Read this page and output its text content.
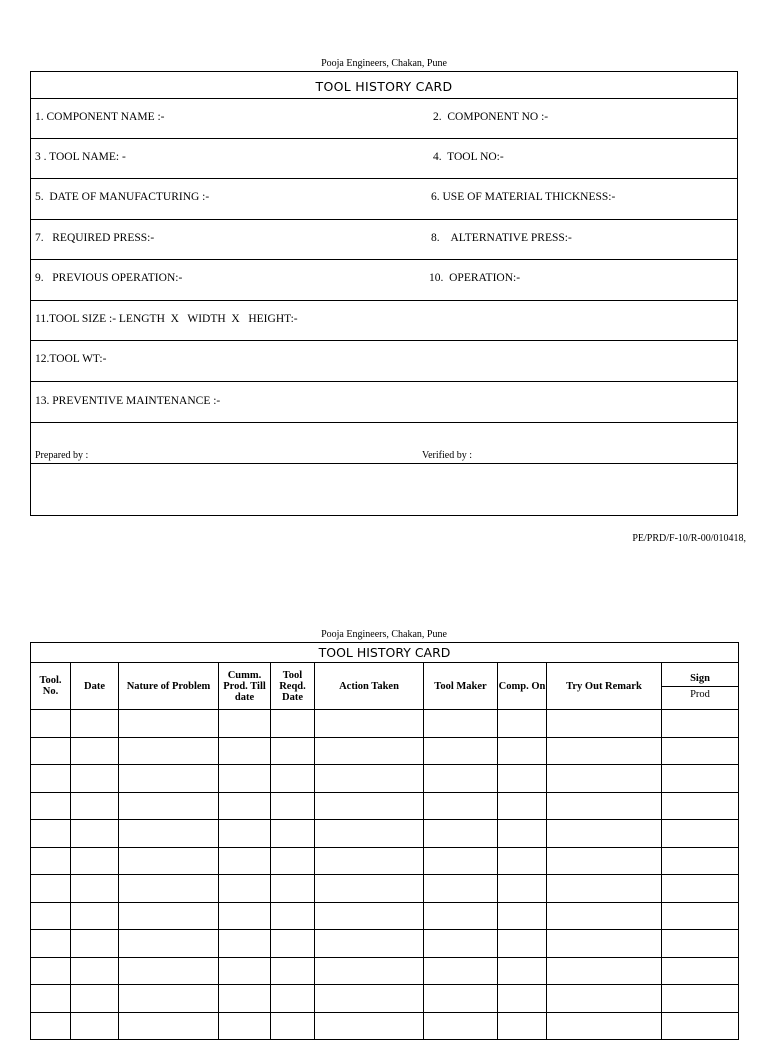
Pooja Engineers, Chakan, Pune
TOOL HISTORY CARD
1. COMPONENT NAME :-	2.  COMPONENT NO :-
3 . TOOL NAME: -	4.  TOOL NO:-
5.  DATE OF MANUFACTURING :-	6. USE OF MATERIAL THICKNESS:-
7.   REQUIRED PRESS:-	8.    ALTERNATIVE PRESS:-
9.   PREVIOUS OPERATION:-	10.  OPERATION:-
11.TOOL SIZE :- LENGTH  X   WIDTH  X   HEIGHT:-
12.TOOL WT:-
13. PREVENTIVE MAINTENANCE :-
Prepared by :	Verified by :
PE/PRD/F-10/R-00/010418,
Pooja Engineers, Chakan, Pune
TOOL HISTORY CARD									
Tool. No.	Date	Nature of Problem	Cumm. Prod. Till date	Tool Reqd. Date	Action Taken	Tool Maker	Comp. On	Try Out Remark	Sign
Prod
